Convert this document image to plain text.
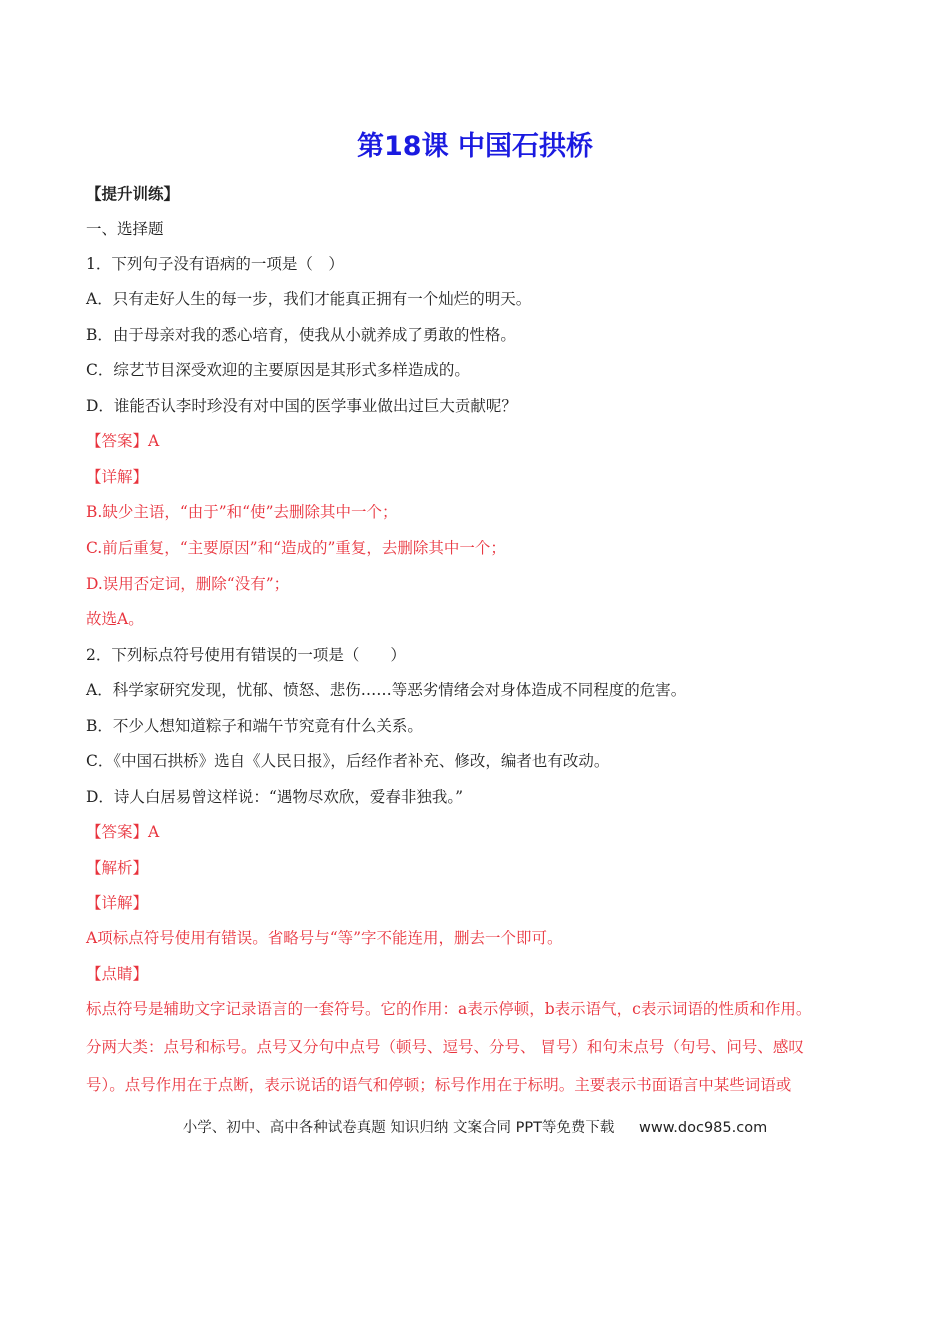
第18课 中国石拱桥
【提升训练】
一、选择题
1．下列句子没有语病的一项是（　）
A．只有走好人生的每一步，我们才能真正拥有一个灿烂的明天。
B．由于母亲对我的悉心培育，使我从小就养成了勇敢的性格。
C．综艺节目深受欢迎的主要原因是其形式多样造成的。
D．谁能否认李时珍没有对中国的医学事业做出过巨大贡献呢？
【答案】A
【详解】
B.缺少主语，“由于”和“使”去删除其中一个；
C.前后重复，“主要原因”和“造成的”重复，去删除其中一个；
D.误用否定词，删除“没有”；
故选A。
2．下列标点符号使用有错误的一项是（　　）
A．科学家研究发现，忧郁、愤怒、悲伤……等恶劣情绪会对身体造成不同程度的危害。
B．不少人想知道粽子和端午节究竟有什么关系。
C．《中国石拱桥》选自《人民日报》，后经作者补充、修改，编者也有改动。
D．诗人白居易曾这样说：“遇物尽欢欣，爱春非独我。”
【答案】A
【解析】
【详解】
A项标点符号使用有错误。省略号与“等”字不能连用，删去一个即可。
【点睛】
标点符号是辅助文字记录语言的一套符号。它的作用：a表示停顿，b表示语气，c表示词语的性质和作用。
分两大类：点号和标号。点号又分句中点号（顿号、逗号、分号、 冒号）和句末点号（句号、问号、感叹
号）。点号作用在于点断，表示说话的语气和停顿；标号作用在于标明。主要表示书面语言中某些词语或
小学、初中、高中各种试卷真题 知识归纳 文案合同 PPT等免费下载 www.doc985.com
